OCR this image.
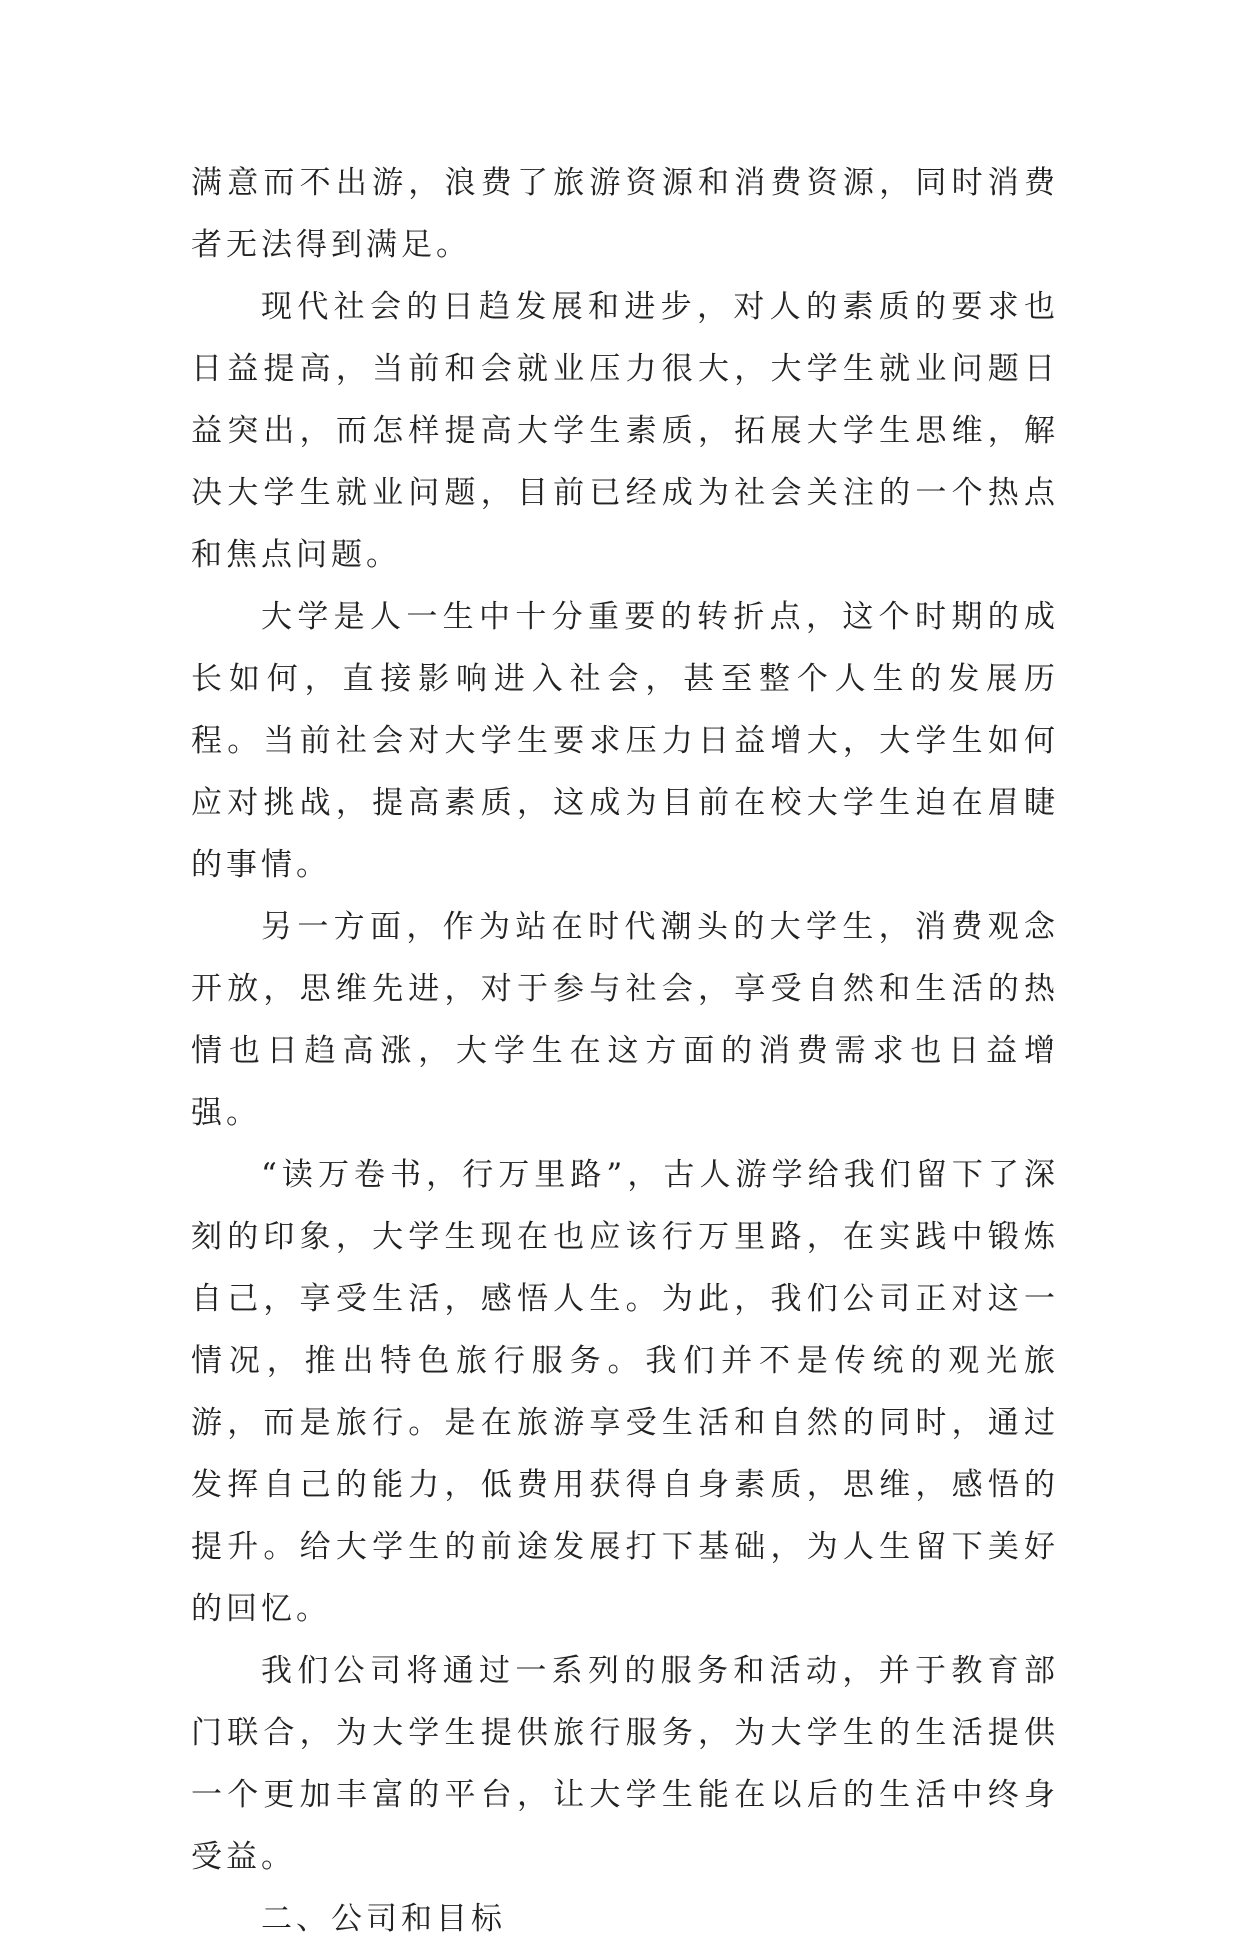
满意而不出游，浪费了旅游资源和消费资源，同时消费者无法得到满足。

现代社会的日趋发展和进步，对人的素质的要求也日益提高，当前和会就业压力很大，大学生就业问题日益突出，而怎样提高大学生素质，拓展大学生思维，解决大学生就业问题，目前已经成为社会关注的一个热点和焦点问题。

大学是人一生中十分重要的转折点，这个时期的成长如何，直接影响进入社会，甚至整个人生的发展历程。当前社会对大学生要求压力日益增大，大学生如何应对挑战，提高素质，这成为目前在校大学生迫在眉睫的事情。

另一方面，作为站在时代潮头的大学生，消费观念开放，思维先进，对于参与社会，享受自然和生活的热情也日趋高涨，大学生在这方面的消费需求也日益增强。

“读万卷书，行万里路”，古人游学给我们留下了深刻的印象，大学生现在也应该行万里路，在实践中锻炼自己，享受生活，感悟人生。为此，我们公司正对这一情况，推出特色旅行服务。我们并不是传统的观光旅游，而是旅行。是在旅游享受生活和自然的同时，通过发挥自己的能力，低费用获得自身素质，思维，感悟的提升。给大学生的前途发展打下基础，为人生留下美好的回忆。

我们公司将通过一系列的服务和活动，并于教育部门联合，为大学生提供旅行服务，为大学生的生活提供一个更加丰富的平台，让大学生能在以后的生活中终身受益。

二、公司和目标
